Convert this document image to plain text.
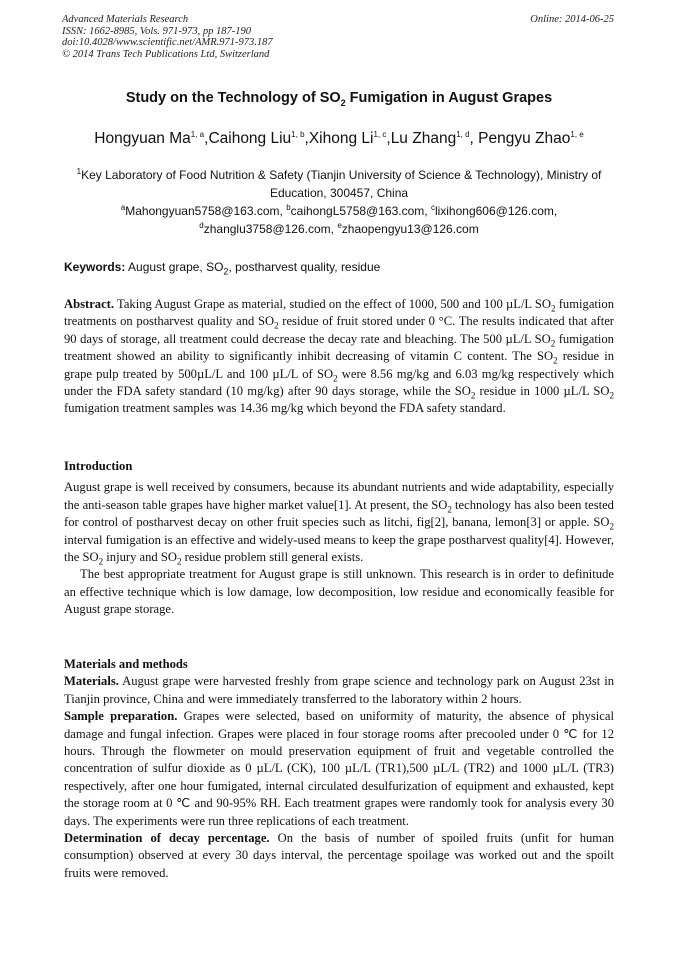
Advanced Materials Research
ISSN: 1662-8985, Vols. 971-973, pp 187-190
doi:10.4028/www.scientific.net/AMR.971-973.187
© 2014 Trans Tech Publications Ltd, Switzerland
Online: 2014-06-25
Study on the Technology of $SO_2$ Fumigation in August Grapes
Hongyuan Ma$^{1, a}$,Caihong Liu$^{1, b}$,Xihong Li$^{1, c}$,Lu Zhang$^{1, d}$, Pengyu Zhao$^{1, e}$
$^1$Key Laboratory of Food Nutrition & Safety (Tianjin University of Science & Technology), Ministry of Education, 300457, China
$^a$Mahongyuan5758@163.com, $^b$caihongL5758@163.com, $^c$lixihong606@126.com,
$^d$zhanglu3758@126.com, $^e$zhaopengyu13@126.com
Keywords: August grape, $SO_2$, postharvest quality, residue

Abstract. Taking August Grape as material, studied on the effect of 1000, 500 and 100 µL/L $SO_2$ fumigation treatments on postharvest quality and $SO_2$ residue of fruit stored under 0 °C. The results indicated that after 90 days of storage, all treatment could decrease the decay rate and bleaching. The 500 µL/L $SO_2$ fumigation treatment showed an ability to significantly inhibit decreasing of vitamin C content. The $SO_2$ residue in grape pulp treated by 500µL/L and 100 µL/L of $SO_2$ were 8.56 mg/kg and 6.03 mg/kg respectively which under the FDA safety standard (10 mg/kg) after 90 days storage, while the $SO_2$ residue in 1000 µL/L $SO_2$ fumigation treatment samples was 14.36 mg/kg which beyond the FDA safety standard.

Introduction

August grape is well received by consumers, because its abundant nutrients and wide adaptability, especially the anti-season table grapes have higher market value[1]. At present, the $SO_2$ technology has also been tested for control of postharvest decay on other fruit species such as litchi, fig[2], banana, lemon[3] or apple. $SO_2$ interval fumigation is an effective and widely-used means to keep the grape postharvest quality[4]. However, the $SO_2$ injury and $SO_2$ residue problem still general exists.

The best appropriate treatment for August grape is still unknown. This research is in order to definitude an effective technique which is low damage, low decomposition, low residue and economically feasible for August grape storage.

Materials and methods

Materials. August grape were harvested freshly from grape science and technology park on August 23st in Tianjin province, China and were immediately transferred to the laboratory within 2 hours.

Sample preparation. Grapes were selected, based on uniformity of maturity, the absence of physical damage and fungal infection. Grapes were placed in four storage rooms after precooled under 0 ℃ for 12 hours. Through the flowmeter on mould preservation equipment of fruit and vegetable controlled the concentration of sulfur dioxide as 0 µL/L (CK), 100 µL/L (TR1),500 µL/L (TR2) and 1000 µL/L (TR3) respectively, after one hour fumigated, internal circulated desulfurization of equipment and exhausted, kept the storage room at 0 ℃ and 90-95% RH. Each treatment grapes were randomly took for analysis every 30 days. The experiments were run three replications of each treatment.

Determination of decay percentage. On the basis of number of spoiled fruits (unfit for human consumption) observed at every 30 days interval, the percentage spoilage was worked out and the spoilt fruits were removed.
